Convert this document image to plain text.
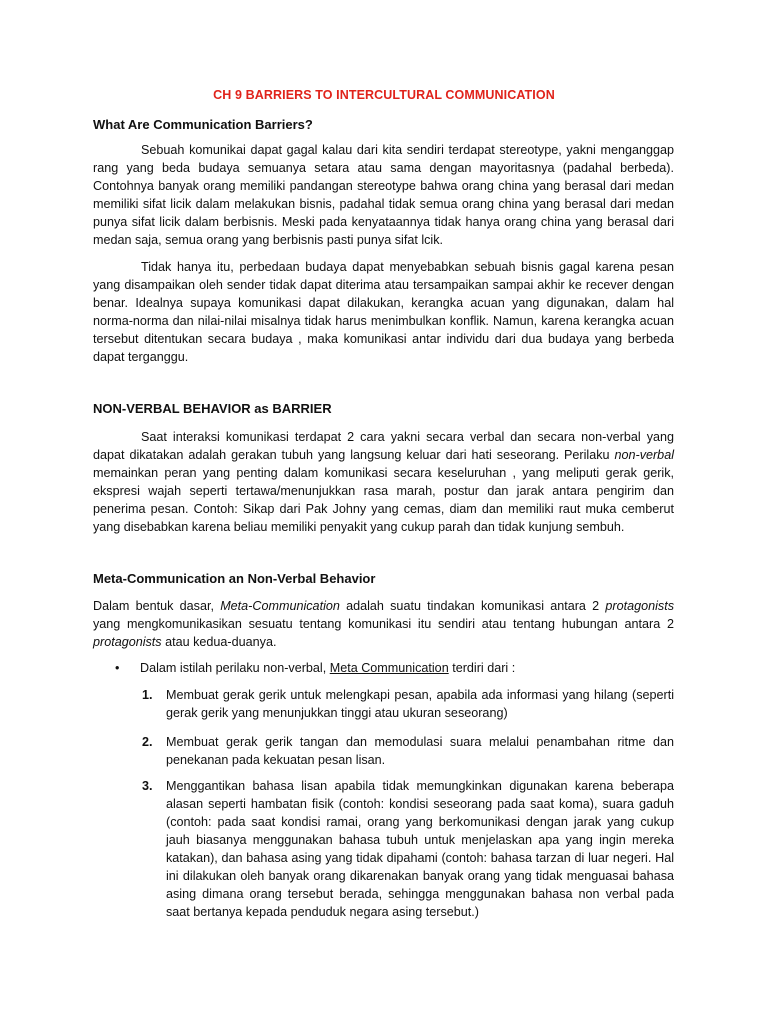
CH 9 BARRIERS TO INTERCULTURAL COMMUNICATION

What Are Communication Barriers?

Sebuah komunikai dapat gagal kalau dari kita sendiri terdapat stereotype, yakni menganggap rang yang beda budaya semuanya setara atau sama dengan mayoritasnya (padahal berbeda). Contohnya banyak orang memiliki pandangan stereotype bahwa orang china yang berasal dari medan memiliki sifat licik dalam melakukan bisnis, padahal tidak semua orang china yang berasal dari medan punya sifat licik dalam berbisnis. Meski pada kenyataannya tidak hanya orang china yang berasal dari medan saja, semua orang yang berbisnis pasti punya sifat lcik.

Tidak hanya itu, perbedaan budaya dapat menyebabkan sebuah bisnis gagal karena pesan yang disampaikan oleh sender tidak dapat diterima atau tersampaikan sampai akhir ke recever dengan benar. Idealnya supaya komunikasi dapat dilakukan, kerangka acuan yang digunakan, dalam hal norma-norma dan nilai-nilai misalnya tidak harus menimbulkan konflik. Namun, karena kerangka acuan tersebut ditentukan secara budaya , maka komunikasi antar individu dari dua budaya yang berbeda dapat terganggu.

NON-VERBAL BEHAVIOR as BARRIER

Saat interaksi komunikasi terdapat 2 cara yakni secara verbal dan secara non-verbal yang dapat dikatakan adalah gerakan tubuh yang langsung keluar dari hati seseorang. Perilaku non-verbal memainkan peran yang penting dalam komunikasi secara keseluruhan , yang meliputi gerak gerik, ekspresi wajah seperti tertawa/menunjukkan rasa marah, postur dan jarak antara pengirim dan penerima pesan. Contoh: Sikap dari Pak Johny yang cemas, diam dan memiliki raut muka cemberut yang disebabkan karena beliau memiliki penyakit yang cukup parah dan tidak kunjung sembuh.

Meta-Communication an Non-Verbal Behavior

Dalam bentuk dasar, Meta-Communication adalah suatu tindakan komunikasi antara 2 protagonists yang mengkomunikasikan sesuatu tentang komunikasi itu sendiri atau tentang hubungan antara 2 protagonists atau kedua-duanya.

• Dalam istilah perilaku non-verbal, Meta Communication terdiri dari :

1. Membuat gerak gerik untuk melengkapi pesan, apabila ada informasi yang hilang (seperti gerak gerik yang menunjukkan tinggi atau ukuran seseorang)
2. Membuat gerak gerik tangan dan memodulasi suara melalui penambahan ritme dan penekanan pada kekuatan pesan lisan.
3. Menggantikan bahasa lisan apabila tidak memungkinkan digunakan karena beberapa alasan seperti hambatan fisik (contoh: kondisi seseorang pada saat koma), suara gaduh (contoh: pada saat kondisi ramai, orang yang berkomunikasi dengan jarak yang cukup jauh biasanya menggunakan bahasa tubuh untuk menjelaskan apa yang ingin mereka katakan), dan bahasa asing yang tidak dipahami (contoh: bahasa tarzan di luar negeri. Hal ini dilakukan oleh banyak orang dikarenakan banyak orang yang tidak menguasai bahasa asing dimana orang tersebut berada, sehingga menggunakan bahasa non verbal pada saat bertanya kepada penduduk negara asing tersebut.)
